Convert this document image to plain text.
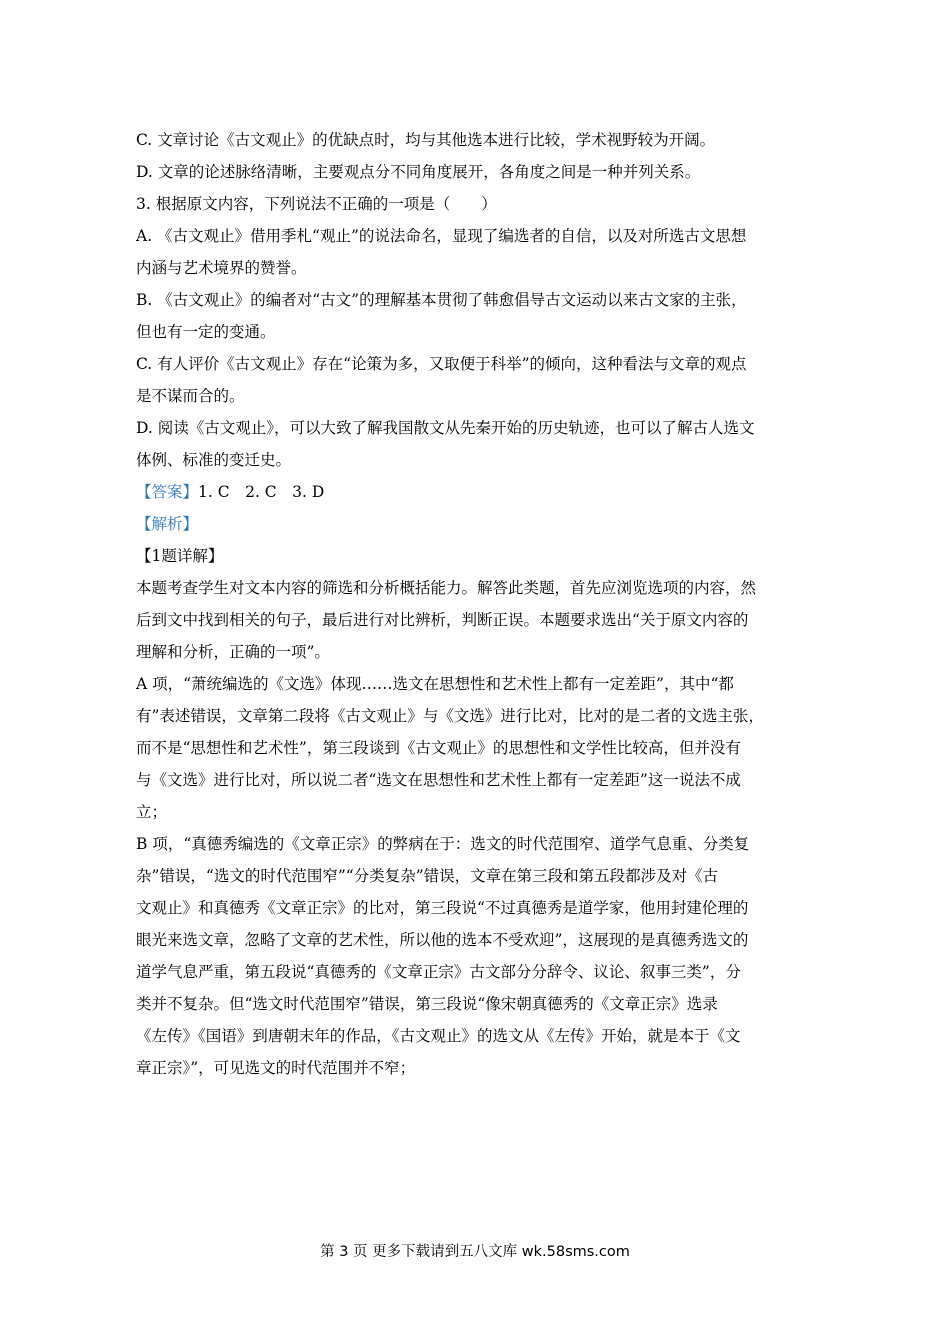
C. 文章讨论《古文观止》的优缺点时，均与其他选本进行比较，学术视野较为开阔。
D. 文章的论述脉络清晰，主要观点分不同角度展开，各角度之间是一种并列关系。
3. 根据原文内容，下列说法不正确的一项是（　　）
A. 《古文观止》借用季札“观止”的说法命名，显现了编选者的自信，以及对所选古文思想
内涵与艺术境界的赞誉。
B. 《古文观止》的编者对“古文”的理解基本贯彻了韩愈倡导古文运动以来古文家的主张，
但也有一定的变通。
C. 有人评价《古文观止》存在“论策为多，又取便于科举”的倾向，这种看法与文章的观点
是不谋而合的。
D. 阅读《古文观止》，可以大致了解我国散文从先秦开始的历史轨迹，也可以了解古人选文
体例、标准的变迁史。
【答案】1. C　2. C　3. D
【解析】
【1题详解】
本题考查学生对文本内容的筛选和分析概括能力。解答此类题，首先应浏览选项的内容，然
后到文中找到相关的句子，最后进行对比辨析，判断正误。本题要求选出“关于原文内容的
理解和分析，正确的一项”。
A 项，“萧统编选的《文选》体现……选文在思想性和艺术性上都有一定差距”，其中“都
有”表述错误，文章第二段将《古文观止》与《文选》进行比对，比对的是二者的文选主张，
而不是“思想性和艺术性”，第三段谈到《古文观止》的思想性和文学性比较高，但并没有
与《文选》进行比对，所以说二者“选文在思想性和艺术性上都有一定差距”这一说法不成
立；
B 项，“真德秀编选的《文章正宗》的弊病在于：选文的时代范围窄、道学气息重、分类复
杂”错误，“选文的时代范围窄”“分类复杂”错误，文章在第三段和第五段都涉及对《古
文观止》和真德秀《文章正宗》的比对，第三段说“不过真德秀是道学家，他用封建伦理的
眼光来选文章，忽略了文章的艺术性，所以他的选本不受欢迎”，这展现的是真德秀选文的
道学气息严重，第五段说“真德秀的《文章正宗》古文部分分辞令、议论、叙事三类”，分
类并不复杂。但“选文时代范围窄”错误，第三段说“像宋朝真德秀的《文章正宗》选录
《左传》《国语》到唐朝末年的作品，《古文观止》的选文从《左传》开始，就是本于《文
章正宗》”，可见选文的时代范围并不窄；
第 3 页 更多下载请到五八文库 wk.58sms.com
